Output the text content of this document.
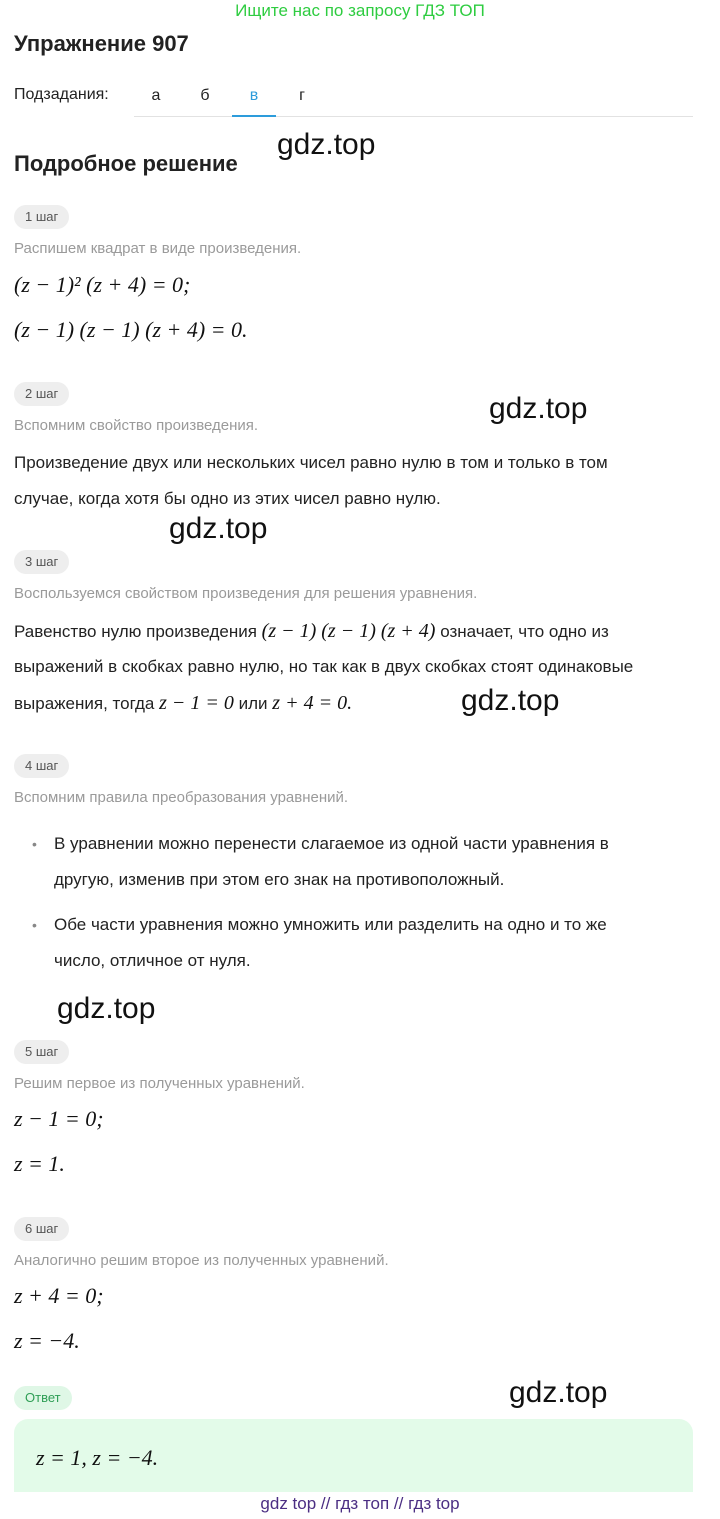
Ищите нас по запросу ГДЗ ТОП
Упражнение 907
Подзадания:	а	б	в	г
Подробное решение
gdz.top
gdz.top
gdz.top
gdz.top
gdz.top
gdz.top
1 шаг
Распишем квадрат в виде произведения.
(z − 1)² (z + 4) = 0;
(z − 1) (z − 1) (z + 4) = 0.
2 шаг
Вспомним свойство произведения.
Произведение двух или нескольких чисел равно нулю в том и только в том
случае, когда хотя бы одно из этих чисел равно нулю.
3 шаг
Воспользуемся свойством произведения для решения уравнения.
Равенство нулю произведения (z − 1) (z − 1) (z + 4) означает, что одно из
выражений в скобках равно нулю, но так как в двух скобках стоят одинаковые
выражения, тогда z − 1 = 0 или z + 4 = 0.
4 шаг
Вспомним правила преобразования уравнений.
• В уравнении можно перенести слагаемое из одной части уравнения в
другую, изменив при этом его знак на противоположный.
• Обе части уравнения можно умножить или разделить на одно и то же
число, отличное от нуля.
5 шаг
Решим первое из полученных уравнений.
z − 1 = 0;
z = 1.
6 шаг
Аналогично решим второе из полученных уравнений.
z + 4 = 0;
z = −4.
Ответ
z = 1, z = −4.
gdz top // гдз топ // гдз top
